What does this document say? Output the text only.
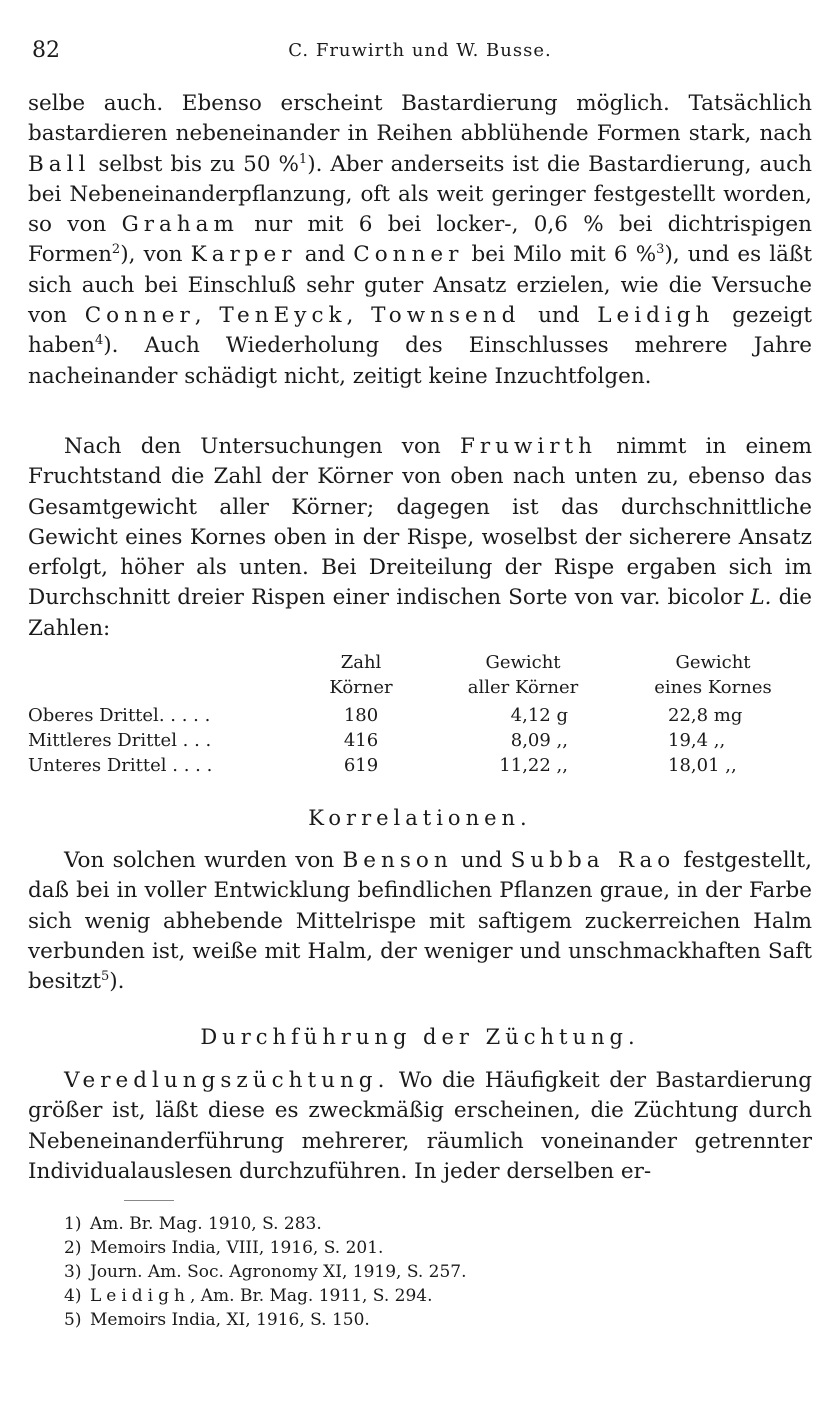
82	C. Fruwirth und W. Busse.
selbe auch. Ebenso erscheint Bastardierung möglich. Tatsächlich bastardieren nebeneinander in Reihen abblühende Formen stark, nach Ball selbst bis zu 50 %$^1$). Aber anderseits ist die Bastardierung, auch bei Nebeneinanderpflanzung, oft als weit geringer festgestellt worden, so von Graham nur mit 6 bei locker-, 0,6 % bei dichtrispigen Formen$^2$), von Karper and Conner bei Milo mit 6 %$^3$), und es läßt sich auch bei Einschluß sehr guter Ansatz erzielen, wie die Versuche von Conner, TenEyck, Townsend und Leidigh gezeigt haben$^4$). Auch Wiederholung des Einschlusses mehrere Jahre nacheinander schädigt nicht, zeitigt keine Inzuchtfolgen.
Nach den Untersuchungen von Fruwirth nimmt in einem Fruchtstand die Zahl der Körner von oben nach unten zu, ebenso das Gesamtgewicht aller Körner; dagegen ist das durchschnittliche Gewicht eines Kornes oben in der Rispe, woselbst der sicherere Ansatz erfolgt, höher als unten. Bei Dreiteilung der Rispe ergaben sich im Durchschnitt dreier Rispen einer indischen Sorte von var. bicolor L. die Zahlen:
Zahl
Körner
Gewicht
aller Körner
Gewicht
eines Kornes
Oberes Drittel. . . . .	180	4,12 g	22,8 mg
Mittleres Drittel . . .	416	8,09 ,,	19,4 ,,
Unteres Drittel . . . .	619	11,22 ,,	18,01 ,,
Korrelationen.
Von solchen wurden von Benson und Subba Rao festgestellt, daß bei in voller Entwicklung befindlichen Pflanzen graue, in der Farbe sich wenig abhebende Mittelrispe mit saftigem zuckerreichen Halm verbunden ist, weiße mit Halm, der weniger und unschmackhaften Saft besitzt$^5$).
Durchführung der Züchtung.
Veredlungszüchtung. Wo die Häufigkeit der Bastardierung größer ist, läßt diese es zweckmäßig erscheinen, die Züchtung durch Nebeneinanderführung mehrerer, räumlich voneinander getrennter Individualauslesen durchzuführen. In jeder derselben er-
1) Am. Br. Mag. 1910, S. 283.
2) Memoirs India, VIII, 1916, S. 201.
3) Journ. Am. Soc. Agronomy XI, 1919, S. 257.
4) Leidigh, Am. Br. Mag. 1911, S. 294.
5) Memoirs India, XI, 1916, S. 150.
